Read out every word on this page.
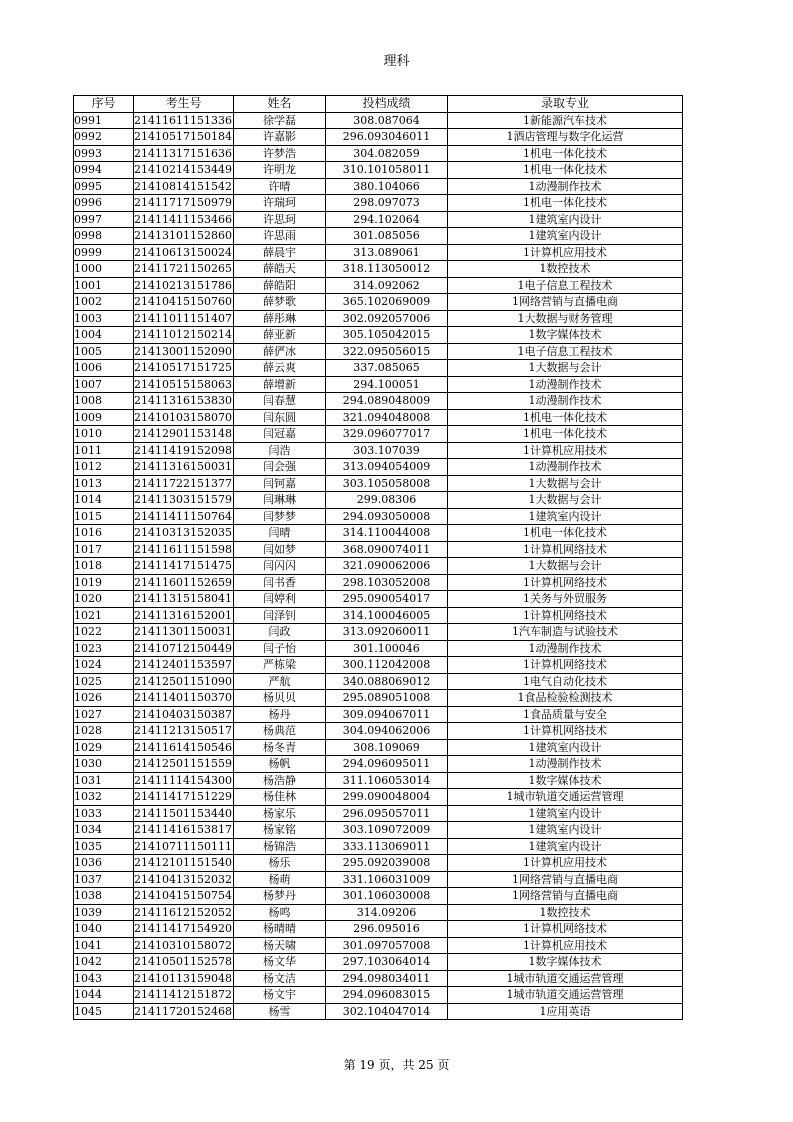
理科
序号	考生号	姓名	投档成绩	录取专业
0991	21411611151336	徐学磊	308.087064	1新能源汽车技术
0992	21410517150184	许嘉影	296.093046011	1酒店管理与数字化运营
0993	21411317151636	许梦浩	304.082059	1机电一体化技术
0994	21410214153449	许明龙	310.101058011	1机电一体化技术
0995	21410814151542	许晴	380.104066	1动漫制作技术
0996	21411717150979	许瑞珂	298.097073	1机电一体化技术
0997	21411411153466	许思珂	294.102064	1建筑室内设计
0998	21413101152860	许思雨	301.085056	1建筑室内设计
0999	21410613150024	薛晨宇	313.089061	1计算机应用技术
1000	21411721150265	薛皓天	318.113050012	1数控技术
1001	21410213151786	薛皓阳	314.092062	1电子信息工程技术
1002	21410415150760	薛梦歌	365.102069009	1网络营销与直播电商
1003	21411011151407	薛彤琳	302.092057006	1大数据与财务管理
1004	21411012150214	薛亚新	305.105042015	1数字媒体技术
1005	21413001152090	薛俨冰	322.095056015	1电子信息工程技术
1006	21410517151725	薛云爽	337.085065	1大数据与会计
1007	21410515158063	薛增新	294.100051	1动漫制作技术
1008	21411316153830	闫春慧	294.089048009	1动漫制作技术
1009	21410103158070	闫东圆	321.094048008	1机电一体化技术
1010	21412901153148	闫冠嘉	329.096077017	1机电一体化技术
1011	21411419152098	闫浩	303.107039	1计算机应用技术
1012	21411316150031	闫会强	313.094054009	1动漫制作技术
1013	21411722151377	闫钶嘉	303.105058008	1大数据与会计
1014	21411303151579	闫琳琳	299.08306	1大数据与会计
1015	21411411150764	闫梦梦	294.093050008	1建筑室内设计
1016	21410313152035	闫晴	314.110044008	1机电一体化技术
1017	21411611151598	闫如梦	368.090074011	1计算机网络技术
1018	21411417151475	闫闪闪	321.090062006	1大数据与会计
1019	21411601152659	闫书香	298.103052008	1计算机网络技术
1020	21411315158041	闫婷利	295.090054017	1关务与外贸服务
1021	21411316152001	闫泽钊	314.100046005	1计算机网络技术
1022	21411301150031	闫政	313.092060011	1汽车制造与试验技术
1023	21410712150449	闫子怡	301.100046	1动漫制作技术
1024	21412401153597	严栋梁	300.112042008	1计算机网络技术
1025	21412501151090	严航	340.088069012	1电气自动化技术
1026	21411401150370	杨贝贝	295.089051008	1食品检验检测技术
1027	21410403150387	杨丹	309.094067011	1食品质量与安全
1028	21411213150517	杨典范	304.094062006	1计算机网络技术
1029	21411614150546	杨冬青	308.109069	1建筑室内设计
1030	21412501151559	杨帆	294.096095011	1动漫制作技术
1031	21411114154300	杨浩静	311.106053014	1数字媒体技术
1032	21411417151229	杨佳林	299.090048004	1城市轨道交通运营管理
1033	21411501153440	杨家乐	296.095057011	1建筑室内设计
1034	21411416153817	杨家铭	303.109072009	1建筑室内设计
1035	21410711150111	杨锦浩	333.113069011	1建筑室内设计
1036	21412101151540	杨乐	295.092039008	1计算机应用技术
1037	21410413152032	杨萌	331.106031009	1网络营销与直播电商
1038	21410415150754	杨梦丹	301.106030008	1网络营销与直播电商
1039	21411612152052	杨鸣	314.09206	1数控技术
1040	21411417154920	杨晴晴	296.095016	1计算机网络技术
1041	21410310158072	杨天啸	301.097057008	1计算机应用技术
1042	21410501152578	杨文华	297.103064014	1数字媒体技术
1043	21410113159048	杨文洁	294.098034011	1城市轨道交通运营管理
1044	21411412151872	杨文宇	294.096083015	1城市轨道交通运营管理
1045	21411720152468	杨雪	302.104047014	1应用英语
第 19 页，共 25 页
